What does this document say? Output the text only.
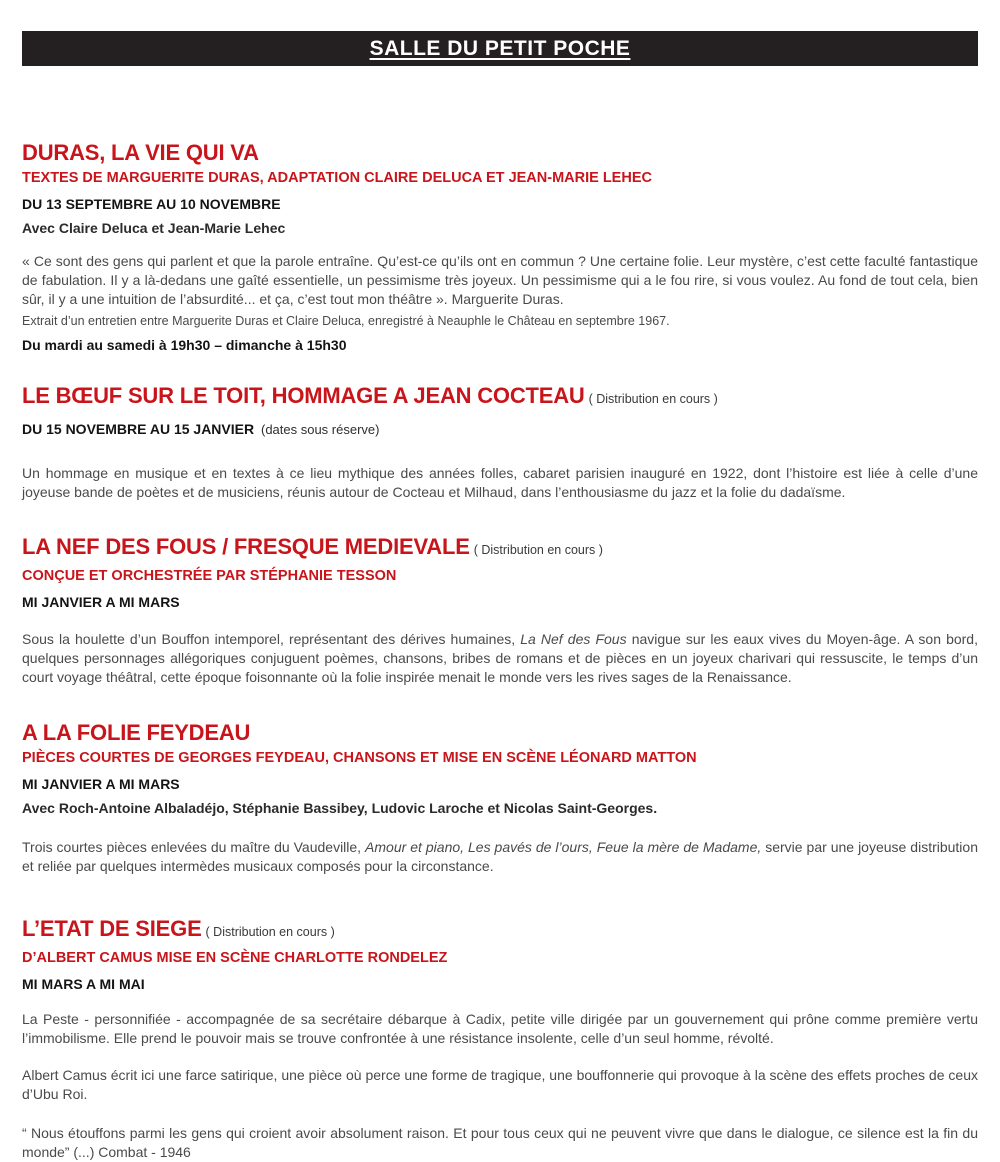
SALLE DU PETIT POCHE
DURAS, LA VIE QUI VA

TEXTES DE MARGUERITE DURAS, ADAPTATION CLAIRE DELUCA ET JEAN-MARIE LEHEC

DU 13 SEPTEMBRE AU 10 NOVEMBRE

Avec Claire Deluca et Jean-Marie Lehec

« Ce sont des gens qui parlent et que la parole entraîne. Qu’est-ce qu’ils ont en commun ? Une certaine folie. Leur mystère, c’est cette faculté fantastique de fabulation. Il y a là-dedans une gaîté essentielle, un pessimisme très joyeux. Un pessimisme qui a le fou rire, si vous voulez. Au fond de tout cela, bien sûr, il y a une intuition de l’absurdité... et ça, c’est tout mon théâtre ». Marguerite Duras.

Extrait d’un entretien entre Marguerite Duras et Claire Deluca, enregistré à Neauphle le Château en septembre 1967.

Du mardi au samedi à 19h30 – dimanche à 15h30

LE BŒUF SUR LE TOIT, HOMMAGE A JEAN COCTEAU ( Distribution en cours )

DU 15 NOVEMBRE AU 15 JANVIER (dates sous réserve)

Un hommage en musique et en textes à ce lieu mythique des années folles, cabaret parisien inauguré en 1922, dont l’histoire est liée à celle d’une joyeuse bande de poètes et de musiciens, réunis autour de Cocteau et Milhaud, dans l’enthousiasme du jazz et la folie du dadaïsme.

LA NEF DES FOUS / FRESQUE MEDIEVALE ( Distribution en cours )

CONÇUE ET ORCHESTRÉE PAR STÉPHANIE TESSON

MI JANVIER A MI MARS

Sous la houlette d’un Bouffon intemporel, représentant des dérives humaines, La Nef des Fous navigue sur les eaux vives du Moyen-âge. A son bord, quelques personnages allégoriques conjuguent poèmes, chansons, bribes de romans et de pièces en un joyeux charivari qui ressuscite, le temps d’un court voyage théâtral, cette époque foisonnante où la folie inspirée menait le monde vers les rives sages de la Renaissance.

A LA FOLIE FEYDEAU

PIÈCES COURTES DE GEORGES FEYDEAU, CHANSONS ET MISE EN SCÈNE LÉONARD MATTON

MI JANVIER A MI MARS

Avec Roch-Antoine Albaladéjo, Stéphanie Bassibey, Ludovic Laroche et Nicolas Saint-Georges.

Trois courtes pièces enlevées du maître du Vaudeville, Amour et piano, Les pavés de l’ours, Feue la mère de Madame, servie par une joyeuse distribution et reliée par quelques intermèdes musicaux composés pour la circonstance.

L’ETAT DE SIEGE ( Distribution en cours )

D’ALBERT CAMUS MISE EN SCÈNE CHARLOTTE RONDELEZ

MI MARS A MI MAI

La Peste - personnifiée - accompagnée de sa secrétaire débarque à Cadix, petite ville dirigée par un gouvernement qui prône comme première vertu l’immobilisme. Elle prend le pouvoir mais se trouve confrontée à une résistance insolente, celle d’un seul homme, révolté.

Albert Camus écrit ici une farce satirique, une pièce où perce une forme de tragique, une bouffonnerie qui provoque à la scène des effets proches de ceux d’Ubu Roi.

“ Nous étouffons parmi les gens qui croient avoir absolument raison. Et pour tous ceux qui ne peuvent vivre que dans le dialogue, ce silence est la fin du monde” (...) Combat - 1946
